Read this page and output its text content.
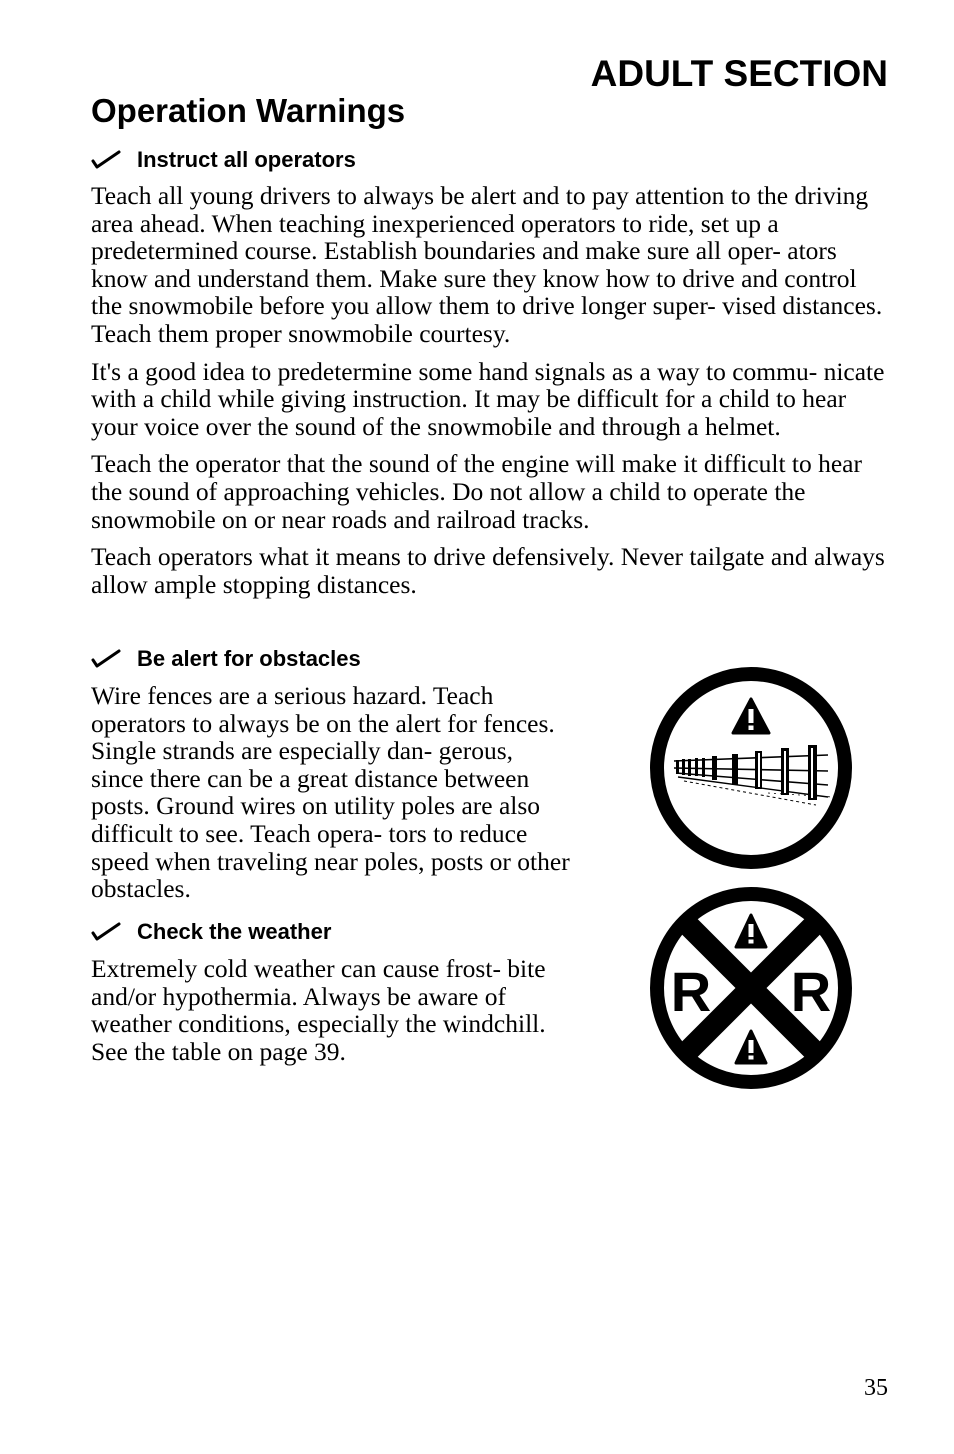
ADULT SECTION
Operation Warnings
Instruct all operators

Teach all young drivers to always be alert and to pay attention to the driving area ahead. When teaching inexperienced operators to ride, set up a predetermined course. Establish boundaries and make sure all oper- ators know and understand them. Make sure they know how to drive and control the snowmobile before you allow them to drive longer super- vised distances. Teach them proper snowmobile courtesy.

It's a good idea to predetermine some hand signals as a way to commu- nicate with a child while giving instruction. It may be difficult for a child to hear your voice over the sound of the snowmobile and through a helmet.

Teach the operator that the sound of the engine will make it difficult to hear the sound of approaching vehicles. Do not allow a child to operate the snowmobile on or near roads and railroad tracks.

Teach operators what it means to drive defensively. Never tailgate and always allow ample stopping distances.

Be alert for obstacles

Wire fences are a serious hazard. Teach operators to always be on the alert for fences. Single strands are especially dan- gerous, since there can be a great distance between posts. Ground wires on utility poles are also difficult to see. Teach opera- tors to reduce speed when traveling near poles, posts or other obstacles.

Check the weather

Extremely cold weather can cause frost- bite and/or hypothermia. Always be aware of weather conditions, especially the windchill. See the table on page 39.

R R
35
